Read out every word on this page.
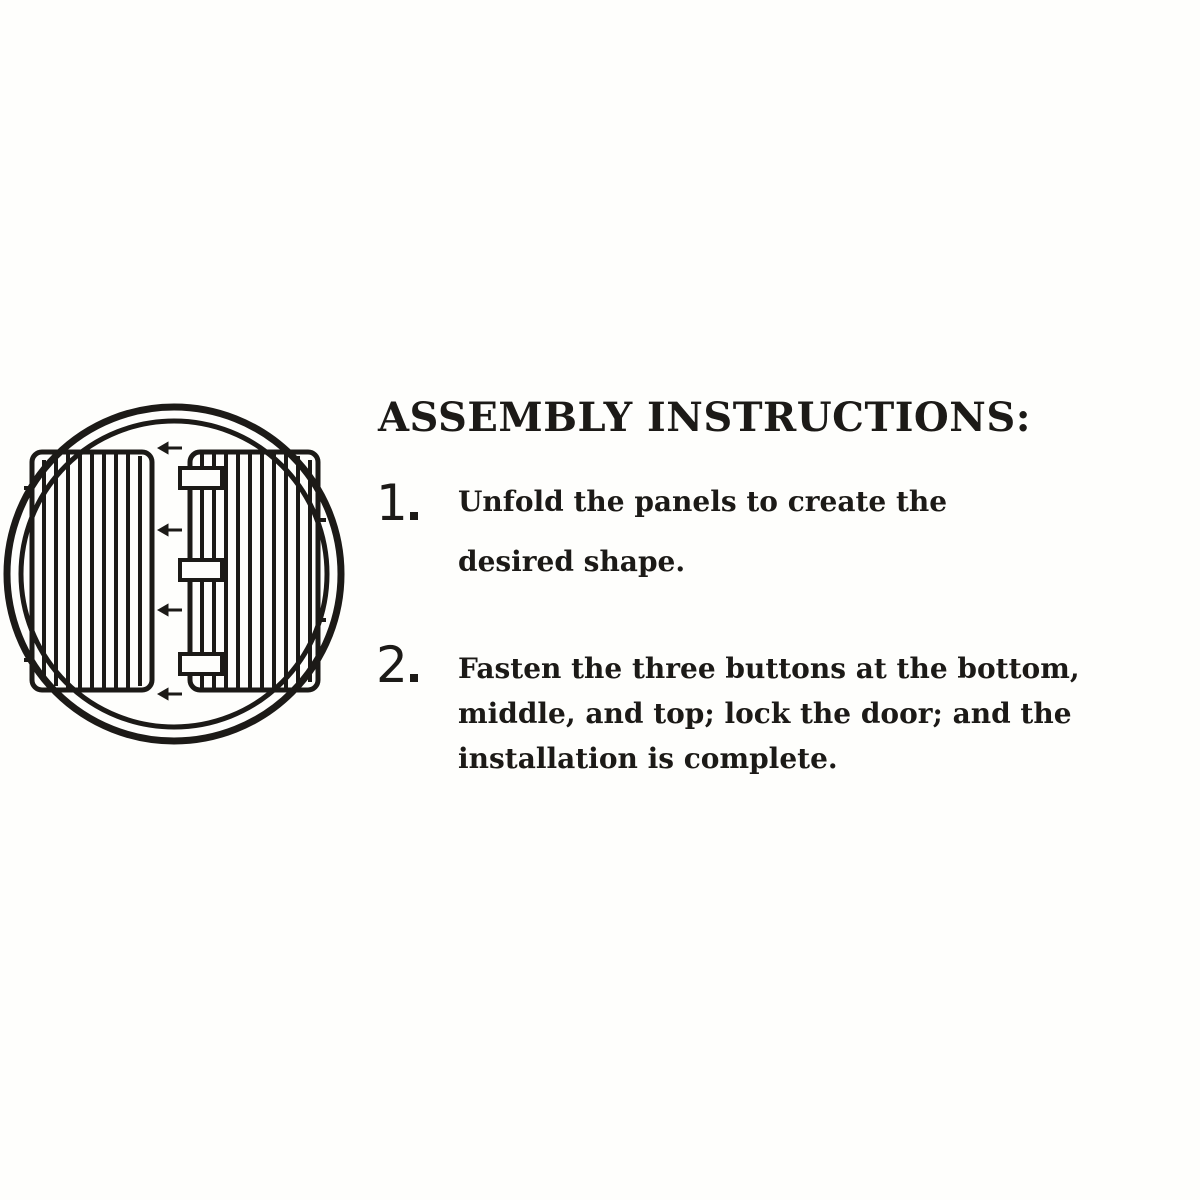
ASSEMBLY INSTRUCTIONS:
1	Unfold the panels to create the
desired shape.

2	Fasten the three buttons at the bottom,
middle, and top; lock the door; and the
installation is complete.
